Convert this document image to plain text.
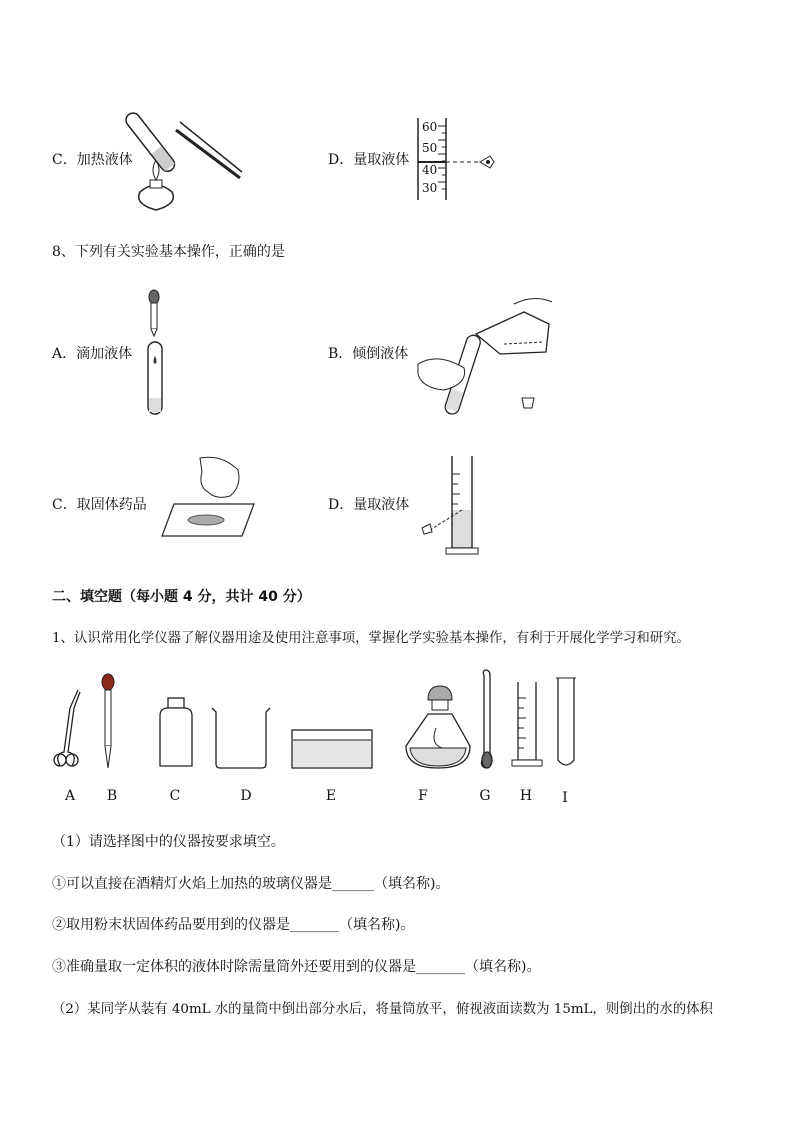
C．加热液体	D．量取液体
60
50
40
30
8、下列有关实验基本操作，正确的是
A．滴加液体	B．倾倒液体
C．取固体药品	D．量取液体
二、填空题（每小题 4 分，共计 40 分）
1、认识常用化学仪器了解仪器用途及使用注意事项，掌握化学实验基本操作，有利于开展化学学习和研究。
A	B	C	D	E	F	G	H	I
（1）请选择图中的仪器按要求填空。
①可以直接在酒精灯火焰上加热的玻璃仪器是______（填名称)。
②取用粉末状固体药品要用到的仪器是_______（填名称)。
③准确量取一定体积的液体时除需量筒外还要用到的仪器是_______（填名称)。
（2）某同学从装有 40mL 水的量筒中倒出部分水后，将量筒放平，俯视液面读数为 15mL，则倒出的水的体积
